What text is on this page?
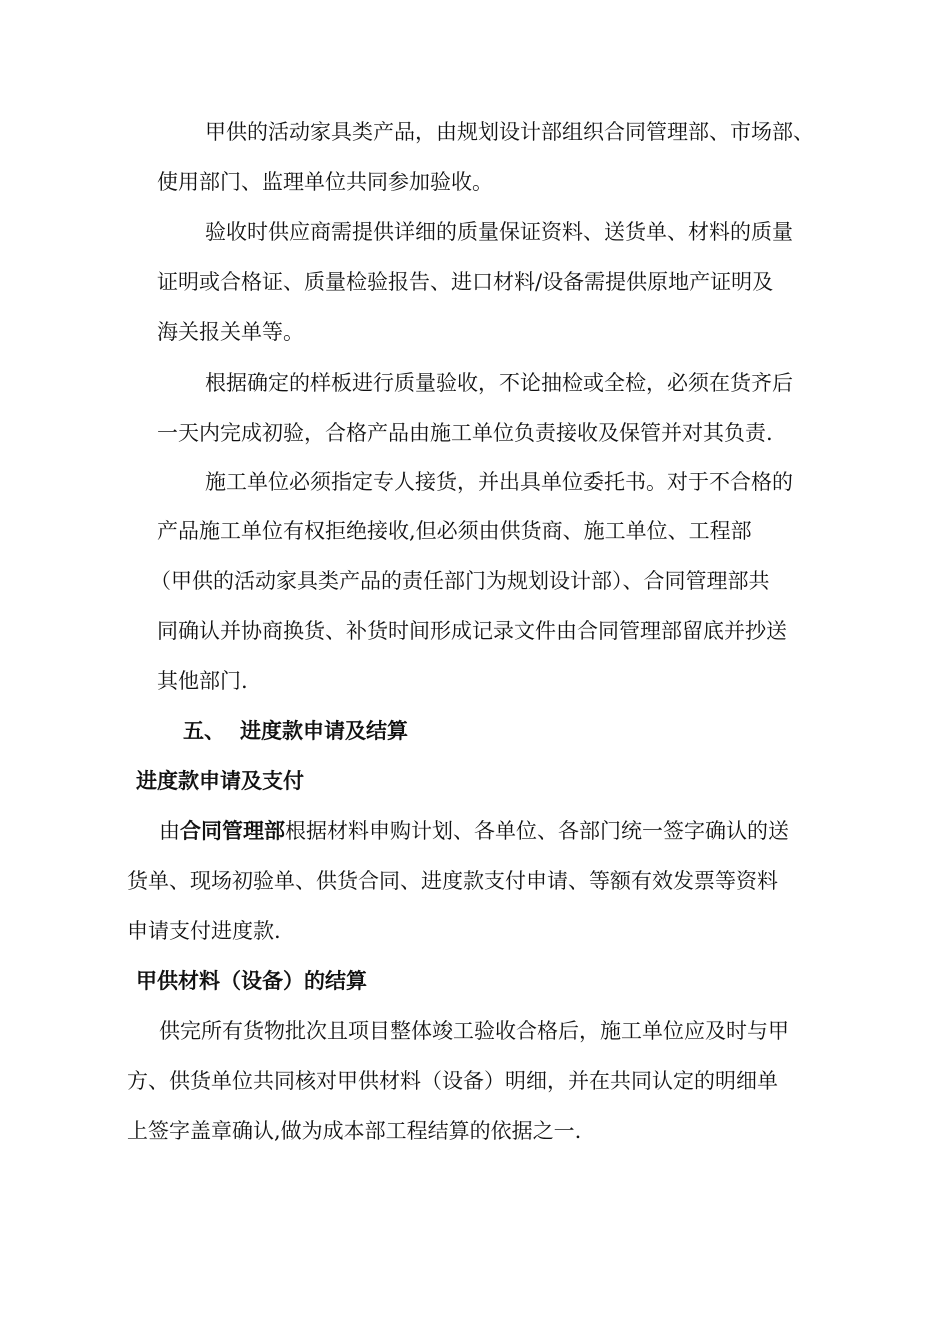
甲供的活动家具类产品，由规划设计部组织合同管理部、市场部、
使用部门、监理单位共同参加验收。
验收时供应商需提供详细的质量保证资料、送货单、材料的质量
证明或合格证、质量检验报告、进口材料/设备需提供原地产证明及
海关报关单等。
根据确定的样板进行质量验收，不论抽检或全检，必须在货齐后
一天内完成初验，合格产品由施工单位负责接收及保管并对其负责.
施工单位必须指定专人接货，并出具单位委托书。对于不合格的
产品施工单位有权拒绝接收,但必须由供货商、施工单位、工程部
（甲供的活动家具类产品的责任部门为规划设计部）、合同管理部共
同确认并协商换货、补货时间形成记录文件由合同管理部留底并抄送
其他部门.
五、 进度款申请及结算
进度款申请及支付
由合同管理部根据材料申购计划、各单位、各部门统一签字确认的送
货单、现场初验单、供货合同、进度款支付申请、等额有效发票等资料
申请支付进度款.
甲供材料（设备）的结算
供完所有货物批次且项目整体竣工验收合格后，施工单位应及时与甲
方、供货单位共同核对甲供材料（设备）明细，并在共同认定的明细单
上签字盖章确认,做为成本部工程结算的依据之一.
